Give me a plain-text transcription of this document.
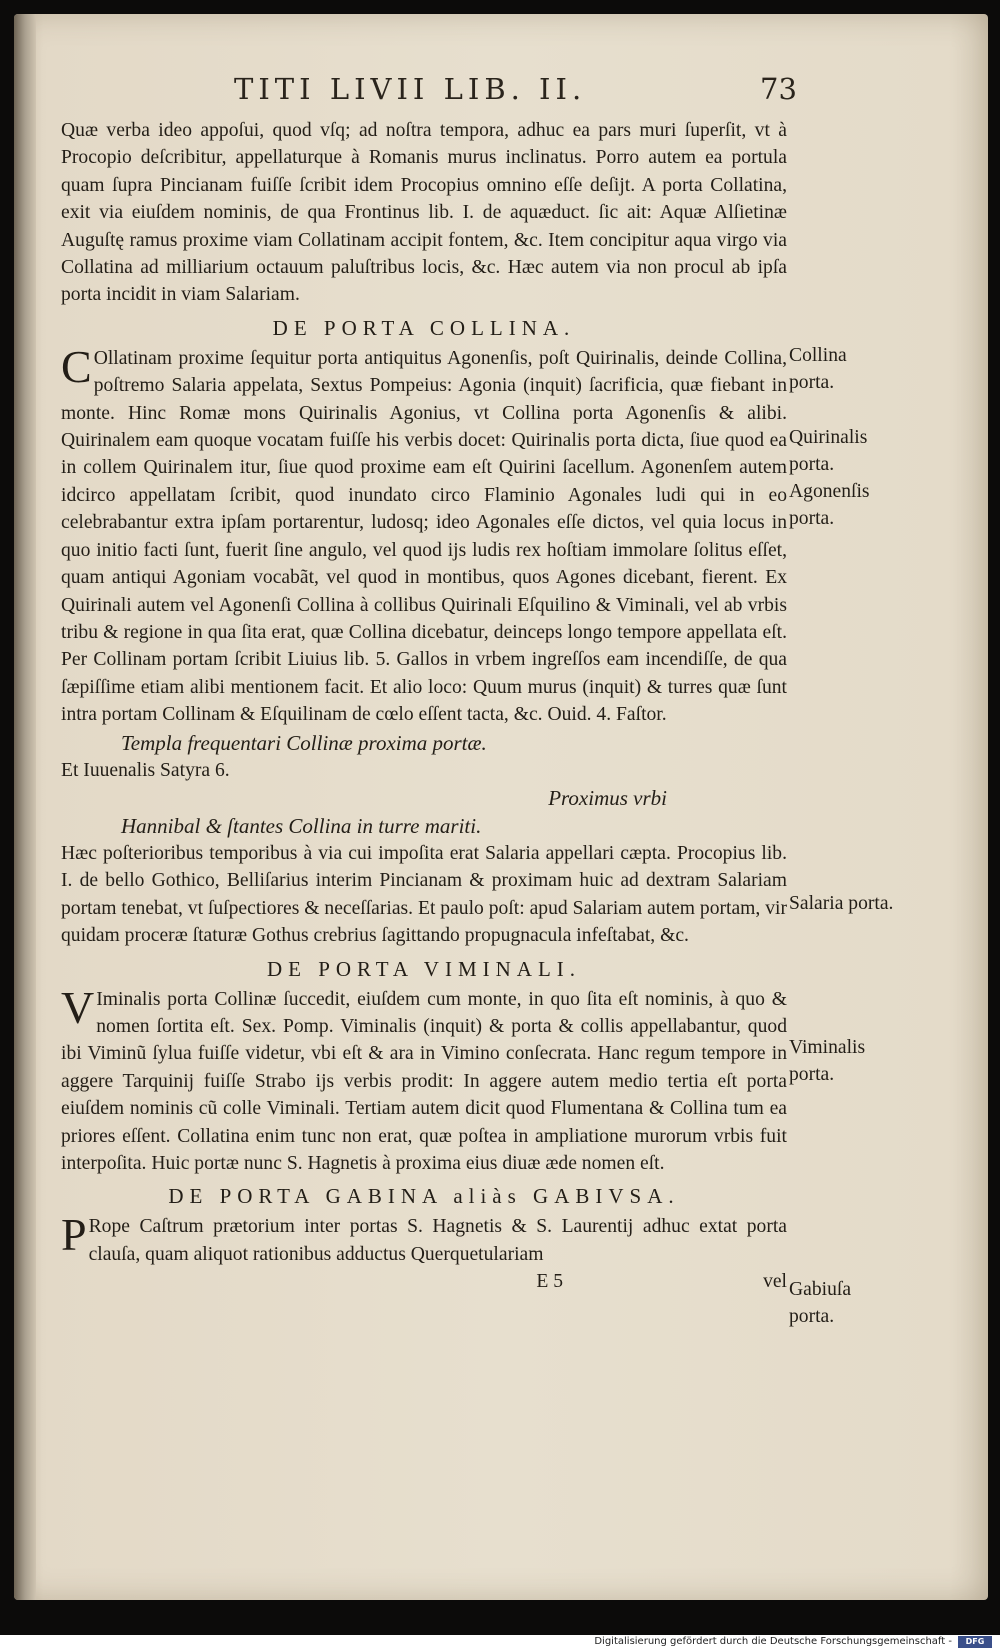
TITI LIVII LIB. II.	73

Quæ verba ideo appoſui, quod vſq; ad noſtra tempora, adhuc ea pars muri ſuperſit, vt à Procopio deſcribitur, appellaturque à Romanis murus inclinatus. Porro autem ea portula quam ſupra Pincianam fuiſſe ſcribit idem Procopius omnino eſſe deſijt. A porta Collatina, exit via eiuſdem nominis, de qua Frontinus lib. I. de aquæduct. ſic ait: Aquæ Alſietinæ Auguſtę ramus proxime viam Collatinam accipit fontem, &c. Item concipitur aqua virgo via Collatina ad milliarium octauum paluſtribus locis, &c. Hæc autem via non procul ab ipſa porta incidit in viam Salariam.

DE PORTA COLLINA.

C Ollatinam proxime ſequitur porta antiquitus Agonenſis, poſt Quirinalis, deinde Collina, poſtremo Salaria appelata, Sextus Pompeius: Agonia (inquit) ſacrificia, quæ fiebant in monte. Hinc Romæ mons Quirinalis Agonius, vt Collina porta Agonenſis & alibi. Quirinalem eam quoque vocatam fuiſſe his verbis docet: Quirinalis porta dicta, ſiue quod ea in collem Quirinalem itur, ſiue quod proxime eam eſt Quirini ſacellum. Agonenſem autem idcirco appellatam ſcribit, quod inundato circo Flaminio Agonales ludi qui in eo celebrabantur extra ipſam portarentur, ludosq; ideo Agonales eſſe dictos, vel quia locus in quo initio facti ſunt, fuerit ſine angulo, vel quod ijs ludis rex hoſtiam immolare ſolitus eſſet, quam antiqui Agoniam vocabãt, vel quod in montibus, quos Agones dicebant, fierent. Ex Quirinali autem vel Agonenſi Collina à collibus Quirinali Eſquilino & Viminali, vel ab vrbis tribu & regione in qua ſita erat, quæ Collina dicebatur, deinceps longo tempore appellata eſt. Per Collinam portam ſcribit Liuius lib. 5. Gallos in vrbem ingreſſos eam incendiſſe, de qua ſæpiſſime etiam alibi mentionem facit. Et alio loco: Quum murus (inquit) & turres quæ ſunt intra portam Collinam & Eſquilinam de cœlo eſſent tacta, &c. Ouid. 4. Faſtor.

Templa frequentari Collinæ proxima portæ.

Et Iuuenalis Satyra 6.

Proximus vrbi
Hannibal & ſtantes Collina in turre mariti.

Hæc poſterioribus temporibus à via cui impoſita erat Salaria appellari cæpta. Procopius lib. I. de bello Gothico, Belliſarius interim Pincianam & proximam huic ad dextram Salariam portam tenebat, vt ſuſpectiores & neceſſarias. Et paulo poſt: apud Salariam autem portam, vir quidam proceræ ſtaturæ Gothus crebrius ſagittando propugnacula infeſtabat, &c.

DE PORTA VIMINALI.

V Iminalis porta Collinæ ſuccedit, eiuſdem cum monte, in quo ſita eſt nominis, à quo & nomen ſortita eſt. Sex. Pomp. Viminalis (inquit) & porta & collis appellabantur, quod ibi Viminũ ſylua fuiſſe videtur, vbi eſt & ara in Vimino conſecrata. Hanc regum tempore in aggere Tarquinij fuiſſe Strabo ijs verbis prodit: In aggere autem medio tertia eſt porta eiuſdem nominis cũ colle Viminali. Tertiam autem dicit quod Flumentana & Collina tum ea priores eſſent. Collatina enim tunc non erat, quæ poſtea in ampliatione murorum vrbis fuit interpoſita. Huic portæ nunc S. Hagnetis à proxima eius diuæ æde nomen eſt.

DE PORTA GABINA aliàs GABIVSA.

P Rope Caſtrum prætorium inter portas S. Hagnetis & S. Laurentij adhuc extat porta clauſa, quam aliquot rationibus adductus Querquetulariam

E 5	vel
Collina porta.
Quirinalis porta.
Agonenſis porta.
Salaria porta.
Viminalis porta.
Gabiuſa porta.
Digitalisierung gefördert durch die Deutsche Forschungsgemeinschaft -	DFG
